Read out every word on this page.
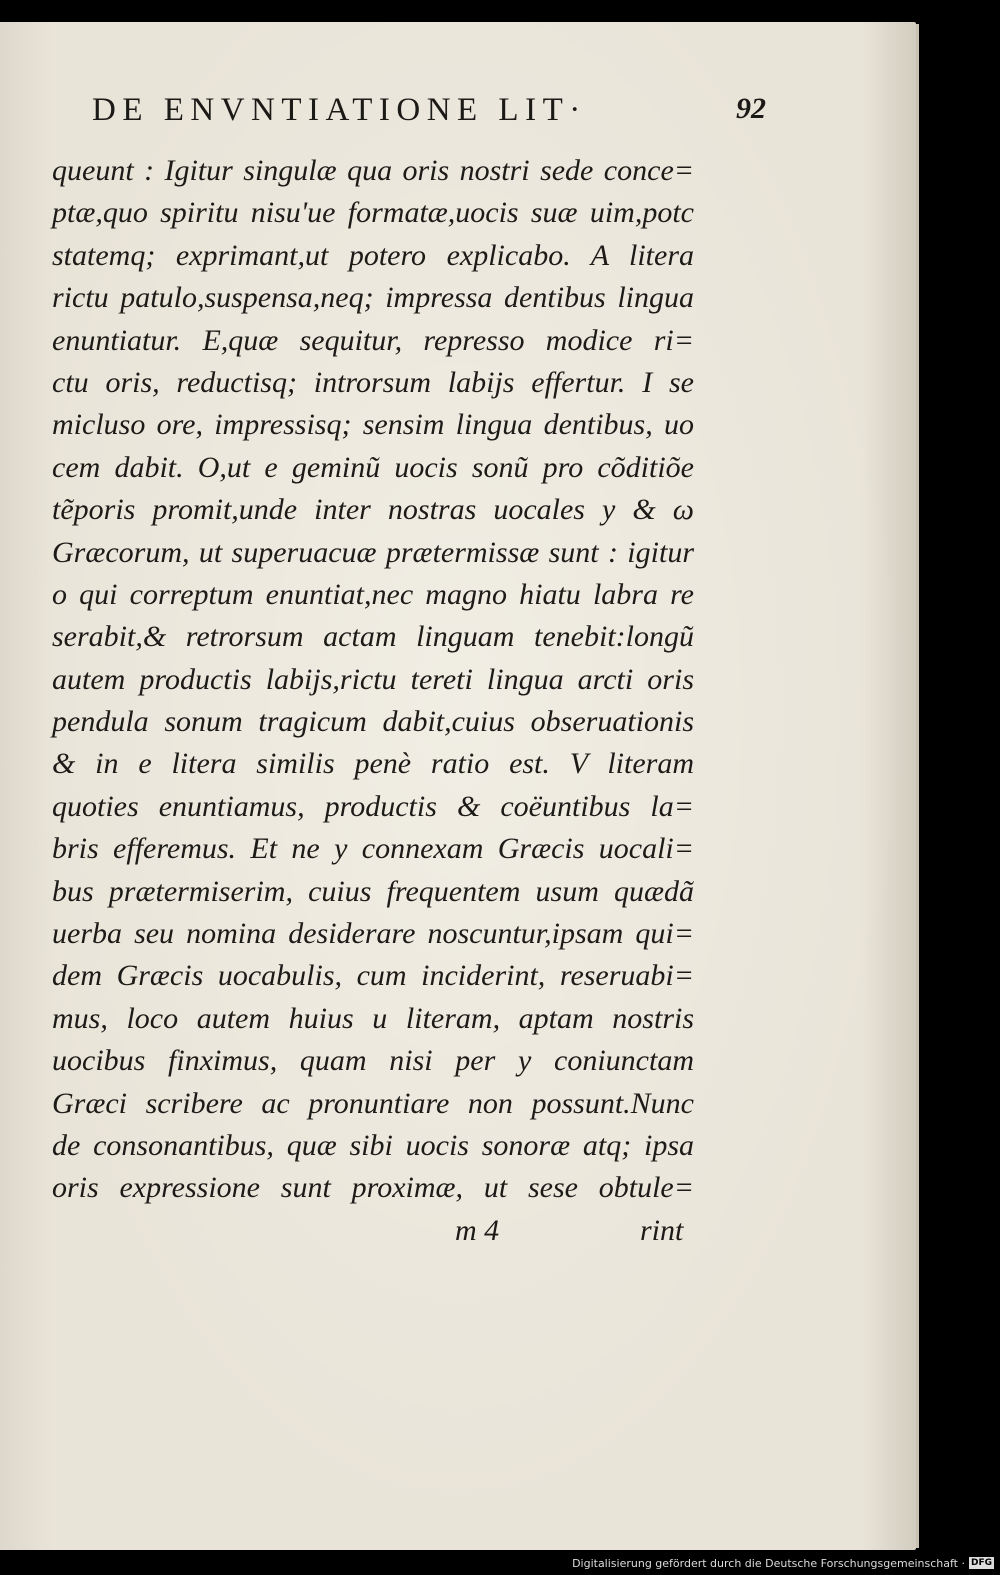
DE ENVNTIATIONE LIT·	92
queunt : Igitur singulæ qua oris nostri sede conce=
ptæ,quo spiritu nisu'ue formatæ,uocis suæ uim,potc
statemq; exprimant,ut potero explicabo. A litera
rictu patulo,suspensa,neq; impressa dentibus lingua
enuntiatur. E,quæ sequitur, represso modice ri=
ctu oris, reductisq; introrsum labijs effertur. I se
miclusо ore, impressisq; sensim lingua dentibus, uo
cem dabit. O,ut e geminũ uocis sonũ pro cõditiõe
tẽporis promit,unde inter nostras uocales y & ω
Græcorum, ut superuacuæ prætermissæ sunt : igitur
o qui correptum enuntiat,nec magno hiatu labra re
serabit,& retrorsum actam linguam tenebit:longũ
autem productis labijs,rictu tereti lingua arcti oris
pendula sonum tragicum dabit,cuius obseruationis
& in e litera similis penè ratio est. V literam
quoties enuntiamus, productis & coëuntibus la=
bris efferemus. Et ne y connexam Græcis uocali=
bus prætermiserim, cuius frequentem usum quædã
uerba seu nomina desiderare noscuntur,ipsam qui=
dem Græcis uocabulis, cum inciderint, reseruabi=
mus, loco autem huius u literam, aptam nostris
uocibus finximus, quam nisi per y coniunctam
Græci scribere ac pronuntiare non possunt.Nunc
de consonantibus, quæ sibi uocis sonoræ atq; ipsa
oris expressione sunt proximæ, ut sese obtule=
m 4	rint
Digitalisierung gefördert durch die Deutsche Forschungsgemeinschaft · DFG
